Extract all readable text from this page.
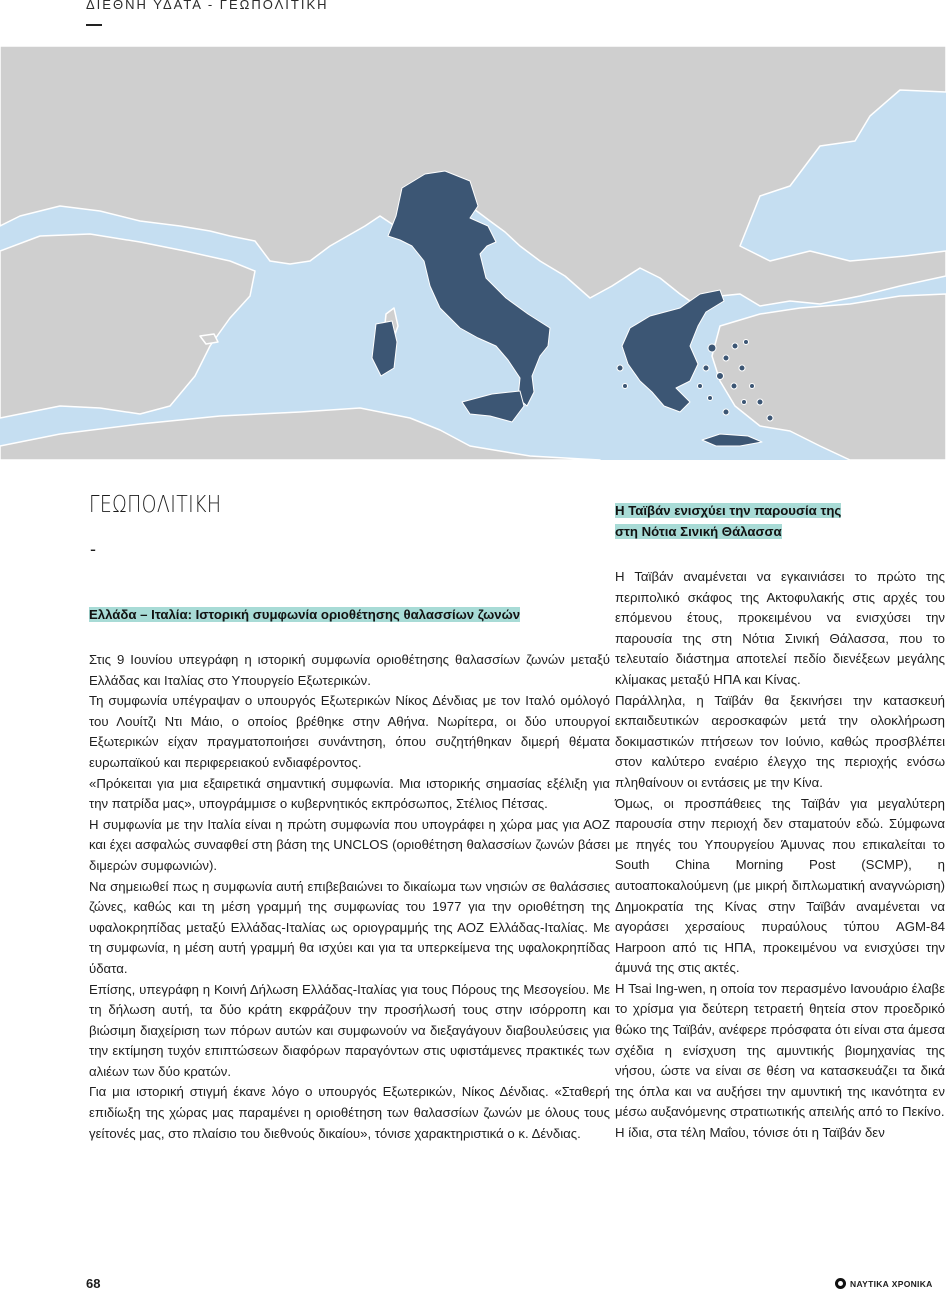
ΔΙΕΘΝΗ ΥΔΑΤΑ - ΓΕΩΠΟΛΙΤΙΚΗ
ΓΕΩΠΟΛΙΤΙΚΗ
-
Ελλάδα – Ιταλία: Ιστορική συμφωνία οριοθέτησης θαλασσίων ζωνών

Στις 9 Ιουνίου υπεγράφη η ιστορική συμφωνία οριοθέτησης θαλασσίων ζωνών μεταξύ Ελλάδας και Ιταλίας στο Υπουργείο Εξωτερικών.

Τη συμφωνία υπέγραψαν ο υπουργός Εξωτερικών Νίκος Δένδιας με τον Ιταλό ομόλογό του Λουίτζι Ντι Μάιο, ο οποίος βρέθηκε στην Αθήνα. Νωρίτερα, οι δύο υπουργοί Εξωτερικών είχαν πραγματοποιήσει συνάντηση, όπου συζητήθηκαν διμερή θέματα ευρωπαϊκού και περιφερειακού ενδιαφέροντος.

«Πρόκειται για μια εξαιρετικά σημαντική συμφωνία. Μια ιστορικής σημασίας εξέλιξη για την πατρίδα μας», υπογράμμισε ο κυβερνητικός εκπρόσωπος, Στέλιος Πέτσας.

Η συμφωνία με την Ιταλία είναι η πρώτη συμφωνία που υπογράφει η χώρα μας για ΑΟΖ και έχει ασφαλώς συναφθεί στη βάση της UNCLOS (οριοθέτηση θαλασσίων ζωνών βάσει διμερών συμφωνιών).

Να σημειωθεί πως η συμφωνία αυτή επιβεβαιώνει το δικαίωμα των νησιών σε θαλάσσιες ζώνες, καθώς και τη μέση γραμμή της συμφωνίας του 1977 για την οριοθέτηση της υφαλοκρηπίδας μεταξύ Ελλάδας-Ιταλίας ως οριογραμμής της ΑΟΖ Ελλάδας-Ιταλίας. Με τη συμφωνία, η μέση αυτή γραμμή θα ισχύει και για τα υπερκείμενα της υφαλοκρηπίδας ύδατα.

Επίσης, υπεγράφη η Κοινή Δήλωση Ελλάδας-Ιταλίας για τους Πόρους της Μεσογείου. Με τη δήλωση αυτή, τα δύο κράτη εκφράζουν την προσήλωσή τους στην ισόρροπη και βιώσιμη διαχείριση των πόρων αυτών και συμφωνούν να διεξαγάγουν διαβουλεύσεις για την εκτίμηση τυχόν επιπτώσεων διαφόρων παραγόντων στις υφιστάμενες πρακτικές των αλιέων των δύο κρατών.

Για μια ιστορική στιγμή έκανε λόγο ο υπουργός Εξωτερικών, Νίκος Δένδιας. «Σταθερή επιδίωξη της χώρας μας παραμένει η οριοθέτηση των θαλασσίων ζωνών με όλους τους γείτονές μας, στο πλαίσιο του διεθνούς δικαίου», τόνισε χαρακτηριστικά ο κ. Δένδιας.

Η Ταϊβάν ενισχύει την παρουσία της
στη Νότια Σινική Θάλασσα

Η Ταϊβάν αναμένεται να εγκαινιάσει το πρώτο της περιπολικό σκάφος της Ακτοφυλακής στις αρχές του επόμενου έτους, προκειμένου να ενισχύσει την παρουσία της στη Νότια Σινική Θάλασσα, που το τελευταίο διάστημα αποτελεί πεδίο διενέξεων μεγάλης κλίμακας μεταξύ ΗΠΑ και Κίνας.

Παράλληλα, η Ταϊβάν θα ξεκινήσει την κατασκευή εκπαιδευτικών αεροσκαφών μετά την ολοκλήρωση δοκιμαστικών πτήσεων τον Ιούνιο, καθώς προσβλέπει στον καλύτερο εναέριο έλεγχο της περιοχής ενόσω πληθαίνουν οι εντάσεις με την Κίνα.

Όμως, οι προσπάθειες της Ταϊβάν για μεγαλύτερη παρουσία στην περιοχή δεν σταματούν εδώ. Σύμφωνα με πηγές του Υπουργείου Άμυνας που επικαλείται το South China Morning Post (SCMP), η αυτοαποκαλούμενη (με μικρή διπλωματική αναγνώριση) Δημοκρατία της Κίνας στην Ταϊβάν αναμένεται να αγοράσει χερσαίους πυραύλους τύπου AGM-84 Harpoon από τις ΗΠΑ, προκειμένου να ενισχύσει την άμυνά της στις ακτές.

Η Tsai Ing-wen, η οποία τον περασμένο Ιανουάριο έλαβε το χρίσμα για δεύτερη τετραετή θητεία στον προεδρικό θώκο της Ταϊβάν, ανέφερε πρόσφατα ότι είναι στα άμεσα σχέδια η ενίσχυση της αμυντικής βιομηχανίας της νήσου, ώστε να είναι σε θέση να κατασκευάζει τα δικά της όπλα και να αυξήσει την αμυντική της ικανότητα εν μέσω αυξανόμενης στρατιωτικής απειλής από το Πεκίνο.

Η ίδια, στα τέλη Μαΐου, τόνισε ότι η Ταϊβάν δεν

68	ΝΑΥΤΙΚΑ ΧΡΟΝΙΚΑ
